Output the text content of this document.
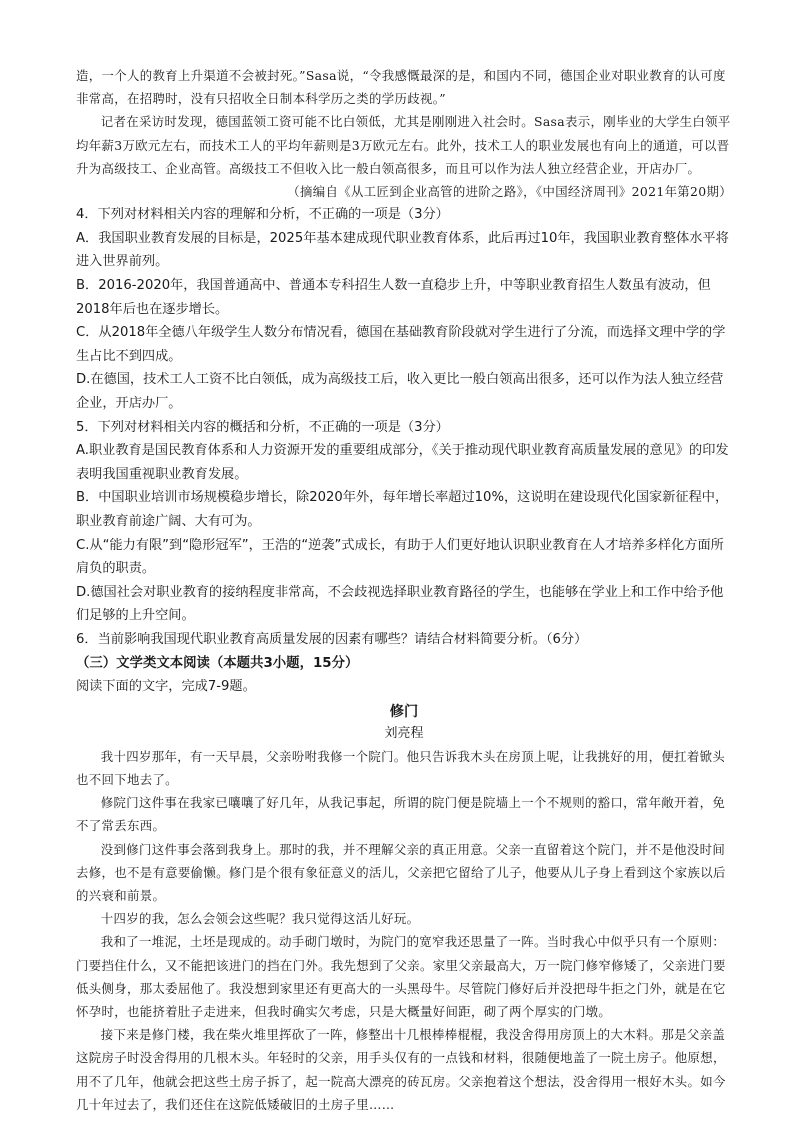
造，一个人的教育上升渠道不会被封死。”Sasa说，“令我感慨最深的是，和国内不同，德国企业对职业教育的认可度非常高，在招聘时，没有只招收全日制本科学历之类的学历歧视。”

记者在采访时发现，德国蓝领工资可能不比白领低，尤其是刚刚进入社会时。Sasa表示，刚毕业的大学生白领平均年薪3万欧元左右，而技术工人的平均年薪则是3万欧元左右。此外，技术工人的职业发展也有向上的通道，可以晋升为高级技工、企业高管。高级技工不但收入比一般白领高很多，而且可以作为法人独立经营企业，开店办厂。

（摘编自《从工匠到企业高管的进阶之路》，《中国经济周刊》2021年第20期）

4．下列对材料相关内容的理解和分析，不正确的一项是（3分）

A．我国职业教育发展的目标是，2025年基本建成现代职业教育体系，此后再过10年，我国职业教育整体水平将进入世界前列。

B．2016-2020年，我国普通高中、普通本专科招生人数一直稳步上升，中等职业教育招生人数虽有波动，但2018年后也在逐步增长。

C．从2018年全德八年级学生人数分布情况看，德国在基础教育阶段就对学生进行了分流，而选择文理中学的学生占比不到四成。

D.在德国，技术工人工资不比白领低，成为高级技工后，收入更比一般白领高出很多，还可以作为法人独立经营企业，开店办厂。

5．下列对材料相关内容的概括和分析，不正确的一项是（3分）

A.职业教育是国民教育体系和人力资源开发的重要组成部分，《关于推动现代职业教育高质量发展的意见》的印发表明我国重视职业教育发展。

B．中国职业培训市场规模稳步增长，除2020年外，每年增长率超过10%，这说明在建设现代化国家新征程中，职业教育前途广阔、大有可为。

C.从“能力有限”到“隐形冠军”，王浩的“逆袭”式成长，有助于人们更好地认识职业教育在人才培养多样化方面所肩负的职责。

D.德国社会对职业教育的接纳程度非常高，不会歧视选择职业教育路径的学生，也能够在学业上和工作中给予他们足够的上升空间。

6．当前影响我国现代职业教育高质量发展的因素有哪些？请结合材料简要分析。（6分）

（三）文学类文本阅读（本题共3小题，15分）

阅读下面的文字，完成7-9题。

修门
刘亮程

我十四岁那年，有一天早晨，父亲吩咐我修一个院门。他只告诉我木头在房顶上呢，让我挑好的用，便扛着锨头也不回下地去了。

修院门这件事在我家已嚷嚷了好几年，从我记事起，所谓的院门便是院墙上一个不规则的豁口，常年敞开着，免不了常丢东西。

没到修门这件事会落到我身上。那时的我，并不理解父亲的真正用意。父亲一直留着这个院门，并不是他没时间去修，也不是有意要偷懒。修门是个很有象征意义的活儿，父亲把它留给了儿子，他要从儿子身上看到这个家族以后的兴衰和前景。

十四岁的我，怎么会领会这些呢？我只觉得这活儿好玩。

我和了一堆泥，土坯是现成的。动手砌门墩时，为院门的宽窄我还思量了一阵。当时我心中似乎只有一个原则：门要挡住什么，又不能把该进门的挡在门外。我先想到了父亲。家里父亲最高大，万一院门修窄修矮了，父亲进门要低头侧身，那太委屈他了。我没想到家里还有更高大的一头黑母牛。尽管院门修好后并没把母牛拒之门外，就是在它怀孕时，也能挤着肚子走进来，但我时确实欠考虑，只是大概量好间距，砌了两个厚实的门墩。

接下来是修门楼，我在柴火堆里挥砍了一阵，修整出十几根棒棒棍棍，我没舍得用房顶上的大木料。那是父亲盖这院房子时没舍得用的几根木头。年轻时的父亲，用手头仅有的一点钱和材料，很随便地盖了一院土房子。他原想，用不了几年，他就会把这些土房子拆了，起一院高大漂亮的砖瓦房。父亲抱着这个想法，没舍得用一根好木头。如今几十年过去了，我们还住在这院低矮破旧的土房子里……
